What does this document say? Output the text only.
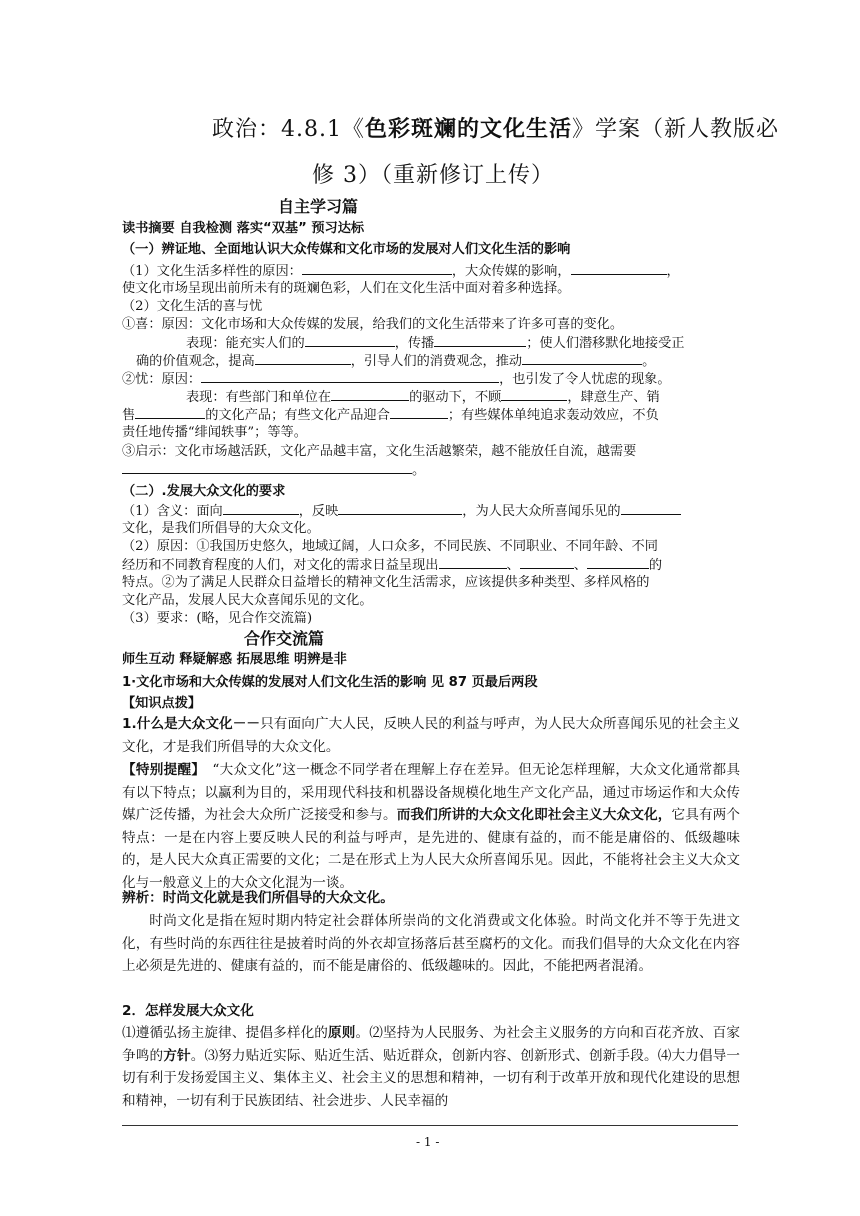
政治：4.8.1《色彩斑斓的文化生活》学案（新人教版必
修 3）（重新修订上传）
自主学习篇
读书摘要 自我检测 落实“双基” 预习达标
（一）辨证地、全面地认识大众传媒和文化市场的发展对人们文化生活的影响
（1）文化生活多样性的原因：	，大众传媒的影响，	，
使文化市场呈现出前所未有的斑斓色彩，人们在文化生活中面对着多种选择。
（2）文化生活的喜与忧
①喜：原因：文化市场和大众传媒的发展，给我们的文化生活带来了许多可喜的变化。
表现：能充实人们的	，传播	；使人们潜移默化地接受正
确的价值观念，提高	，引导人们的消费观念，推动	。
②忧：原因：	，也引发了令人忧虑的现象。
表现：有些部门和单位在	的驱动下，不顾	，肆意生产、销
售	的文化产品；有些文化产品迎合	；有些媒体单纯追求轰动效应，不负
责任地传播“绯闻轶事”；等等。
③启示：文化市场越活跃，文化产品越丰富，文化生活越繁荣，越不能放任自流，越需要
。
（二）.发展大众文化的要求
（1）含义：面向	，反映	，为人民大众所喜闻乐见的
文化，是我们所倡导的大众文化。
（2）原因：①我国历史悠久，地域辽阔，人口众多，不同民族、不同职业、不同年龄、不同
经历和不同教育程度的人们，对文化的需求日益呈现出	、	、	的
特点。②为了满足人民群众日益增长的精神文化生活需求，应该提供多种类型、多样风格的
文化产品，发展人民大众喜闻乐见的文化。
（3）要求：(略，见合作交流篇)
合作交流篇
师生互动 释疑解惑 拓展思维 明辨是非
1·文化市场和大众传媒的发展对人们文化生活的影响 见 87 页最后两段
【知识点拨】
1.什么是大众文化－－只有面向广大人民，反映人民的利益与呼声，为人民大众所喜闻乐见的社会主义文化，才是我们所倡导的大众文化。
【特别提醒】　“大众文化”这一概念不同学者在理解上存在差异。但无论怎样理解，大众文化通常都具有以下特点；以赢利为目的，采用现代科技和机器设备规模化地生产文化产品，通过市场运作和大众传媒广泛传播，为社会大众所广泛接受和参与。而我们所讲的大众文化即社会主义大众文化，它具有两个特点：一是在内容上要反映人民的利益与呼声，是先进的、健康有益的，而不能是庸俗的、低级趣味的，是人民大众真正需要的文化；二是在形式上为人民大众所喜闻乐见。因此，不能将社会主义大众文化与一般意义上的大众文化混为一谈。
辨析：时尚文化就是我们所倡导的大众文化。
时尚文化是指在短时期内特定社会群体所崇尚的文化消费或文化体验。时尚文化并不等于先进文化，有些时尚的东西往往是披着时尚的外衣却宣扬落后甚至腐朽的文化。而我们倡导的大众文化在内容上必须是先进的、健康有益的，而不能是庸俗的、低级趣味的。因此，不能把两者混淆。
2．怎样发展大众文化
⑴遵循弘扬主旋律、提倡多样化的原则。⑵坚持为人民服务、为社会主义服务的方向和百花齐放、百家争鸣的方针。⑶努力贴近实际、贴近生活、贴近群众，创新内容、创新形式、创新手段。⑷大力倡导一切有利于发扬爱国主义、集体主义、社会主义的思想和精神，一切有利于改革开放和现代化建设的思想和精神，一切有利于民族团结、社会进步、人民幸福的
- 1 -
